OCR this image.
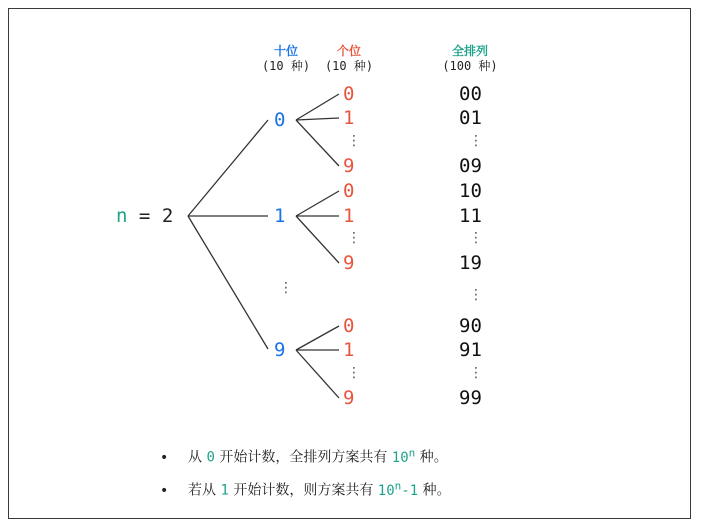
十位
(10 种)
个位
(10 种)
全排列
(100 种)
n = 2
0
1
⋮
9
0
1
⋮
9
0
1
⋮
9
0
1
⋮
9
00
01
⋮
09
10
11
⋮
19
⋮
90
91
⋮
99
• 从 0 开始计数，全排列方案共有 10$^n$ 种。
• 若从 1 开始计数，则方案共有 10$^n$-1 种。
